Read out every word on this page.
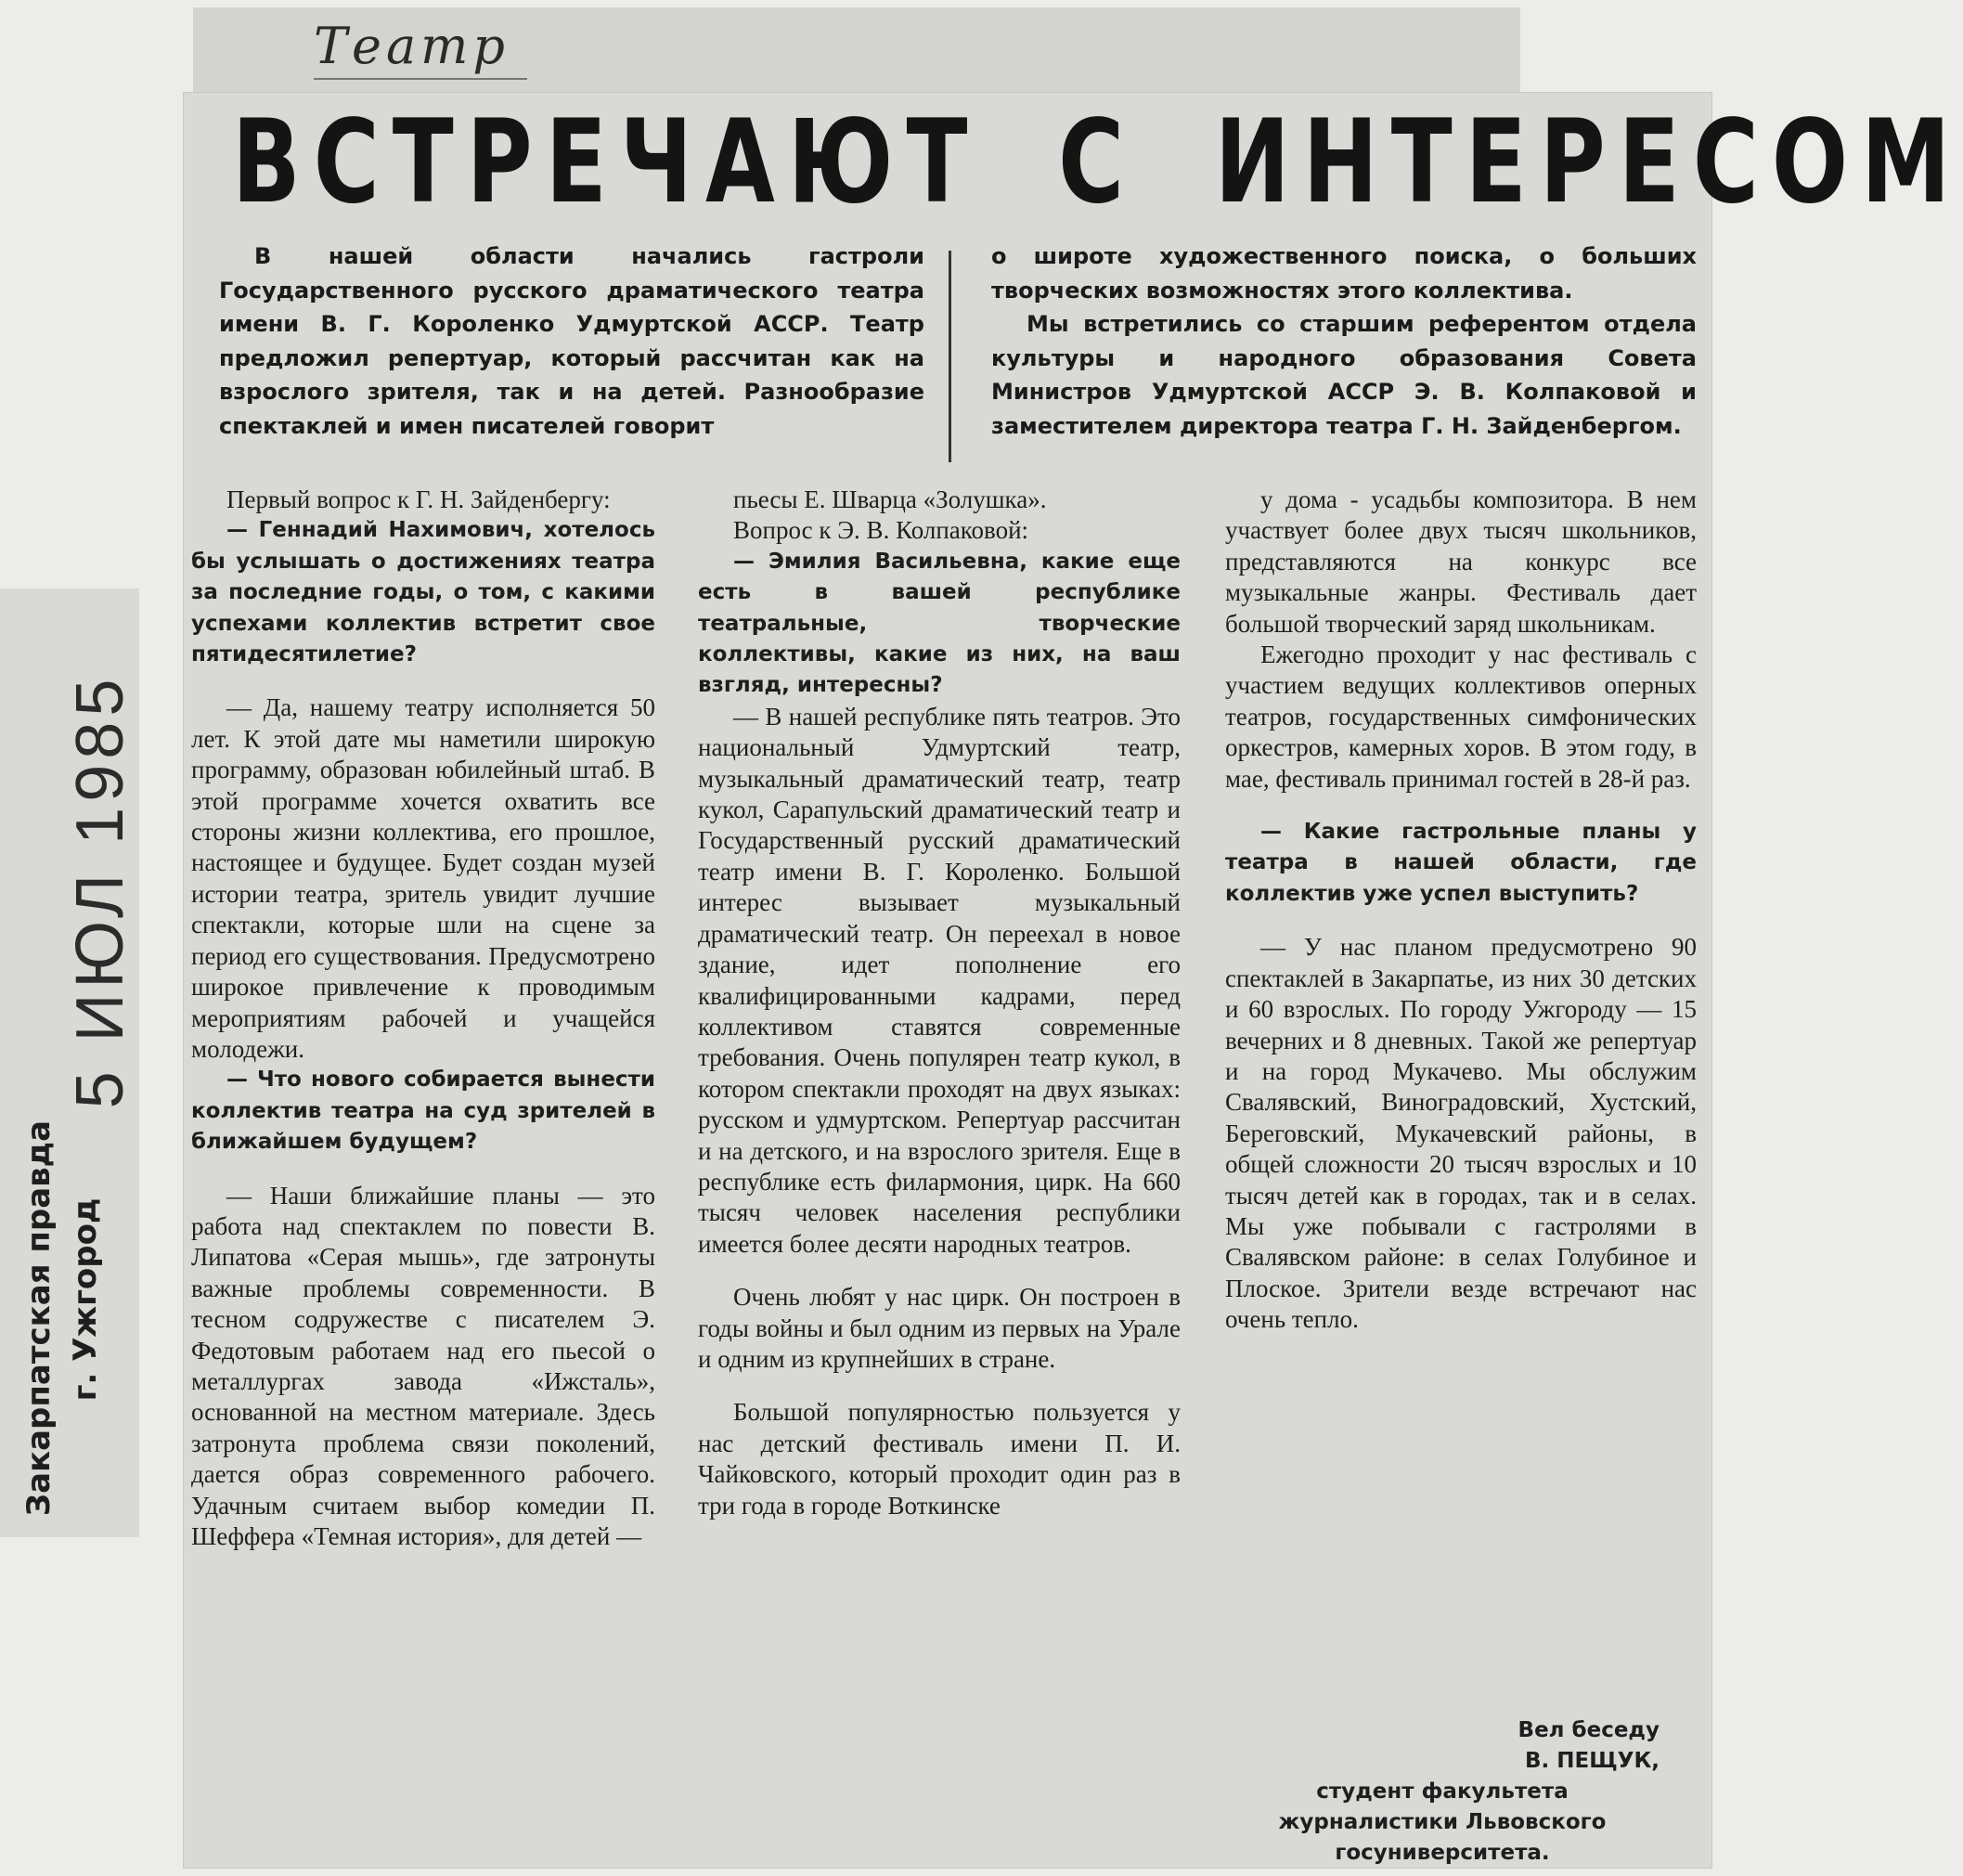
Театр
ВСТРЕЧАЮТ С ИНТЕРЕСОМ
В нашей области начались гастроли Государственного русского драматического театра имени В. Г. Короленко Удмуртской АССР. Театр предложил репертуар, который рассчитан как на взрослого зрителя, так и на детей. Разнообразие спектаклей и имен писателей говорит

о широте художественного поиска, о больших творческих возможностях этого коллектива.

Мы встретились со старшим референтом отдела культуры и народного образования Совета Министров Удмуртской АССР Э. В. Колпаковой и заместителем директора театра Г. Н. Зайденбергом.

Первый вопрос к Г. Н. Зайденбергу:

— Геннадий Нахимович, хотелось бы услышать о достижениях театра за последние годы, о том, с какими успехами коллектив встретит свое пятидесятилетие?

— Да, нашему театру исполняется 50 лет. К этой дате мы наметили широкую программу, образован юбилейный штаб. В этой программе хочется охватить все стороны жизни коллектива, его прошлое, настоящее и будущее. Будет создан музей истории театра, зритель увидит лучшие спектакли, которые шли на сцене за период его существования. Предусмотрено широкое привлечение к проводимым мероприятиям рабочей и учащейся молодежи.

— Что нового собирается вынести коллектив театра на суд зрителей в ближайшем будущем?

— Наши ближайшие планы — это работа над спектаклем по повести В. Липатова «Серая мышь», где затронуты важные проблемы современности. В тесном содружестве с писателем Э. Федотовым работаем над его пьесой о металлургах завода «Ижсталь», основанной на местном материале. Здесь затронута проблема связи поколений, дается образ современного рабочего. Удачным считаем выбор комедии П. Шеффера «Темная история», для детей —

пьесы Е. Шварца «Золушка».

Вопрос к Э. В. Колпаковой:

— Эмилия Васильевна, какие еще есть в вашей республике театральные, творческие коллективы, какие из них, на ваш взгляд, интересны?

— В нашей республике пять театров. Это национальный Удмуртский театр, музыкальный драматический театр, театр кукол, Сарапульский драматический театр и Государственный русский драматический театр имени В. Г. Короленко. Большой интерес вызывает музыкальный драматический театр. Он переехал в новое здание, идет пополнение его квалифицированными кадрами, перед коллективом ставятся современные требования. Очень популярен театр кукол, в котором спектакли проходят на двух языках: русском и удмуртском. Репертуар рассчитан и на детского, и на взрослого зрителя. Еще в республике есть филармония, цирк. На 660 тысяч человек населения республики имеется более десяти народных театров.

Очень любят у нас цирк. Он построен в годы войны и был одним из первых на Урале и одним из крупнейших в стране.

Большой популярностью пользуется у нас детский фестиваль имени П. И. Чайковского, который проходит один раз в три года в городе Воткинске

у дома - усадьбы композитора. В нем участвует более двух тысяч школьников, представляются на конкурс все музыкальные жанры. Фестиваль дает большой творческий заряд школьникам.

Ежегодно проходит у нас фестиваль с участием ведущих коллективов оперных театров, государственных симфонических оркестров, камерных хоров. В этом году, в мае, фестиваль принимал гостей в 28-й раз.

— Какие гастрольные планы у театра в нашей области, где коллектив уже успел выступить?

— У нас планом предусмотрено 90 спектаклей в Закарпатье, из них 30 детских и 60 взрослых. По городу Ужгороду — 15 вечерних и 8 дневных. Такой же репертуар и на город Мукачево. Мы обслужим Свалявский, Виноградовский, Хустский, Береговский, Мукачевский районы, в общей сложности 20 тысяч взрослых и 10 тысяч детей как в городах, так и в селах. Мы уже побывали с гастролями в Свалявском районе: в селах Голубиное и Плоское. Зрители везде встречают нас очень тепло.

Вел беседу
В. ПЕЩУК,
студент факультета журналистики Львовского госуниверситета.
5 ИЮЛ 1985
Закарпатская правда г. Ужгород
